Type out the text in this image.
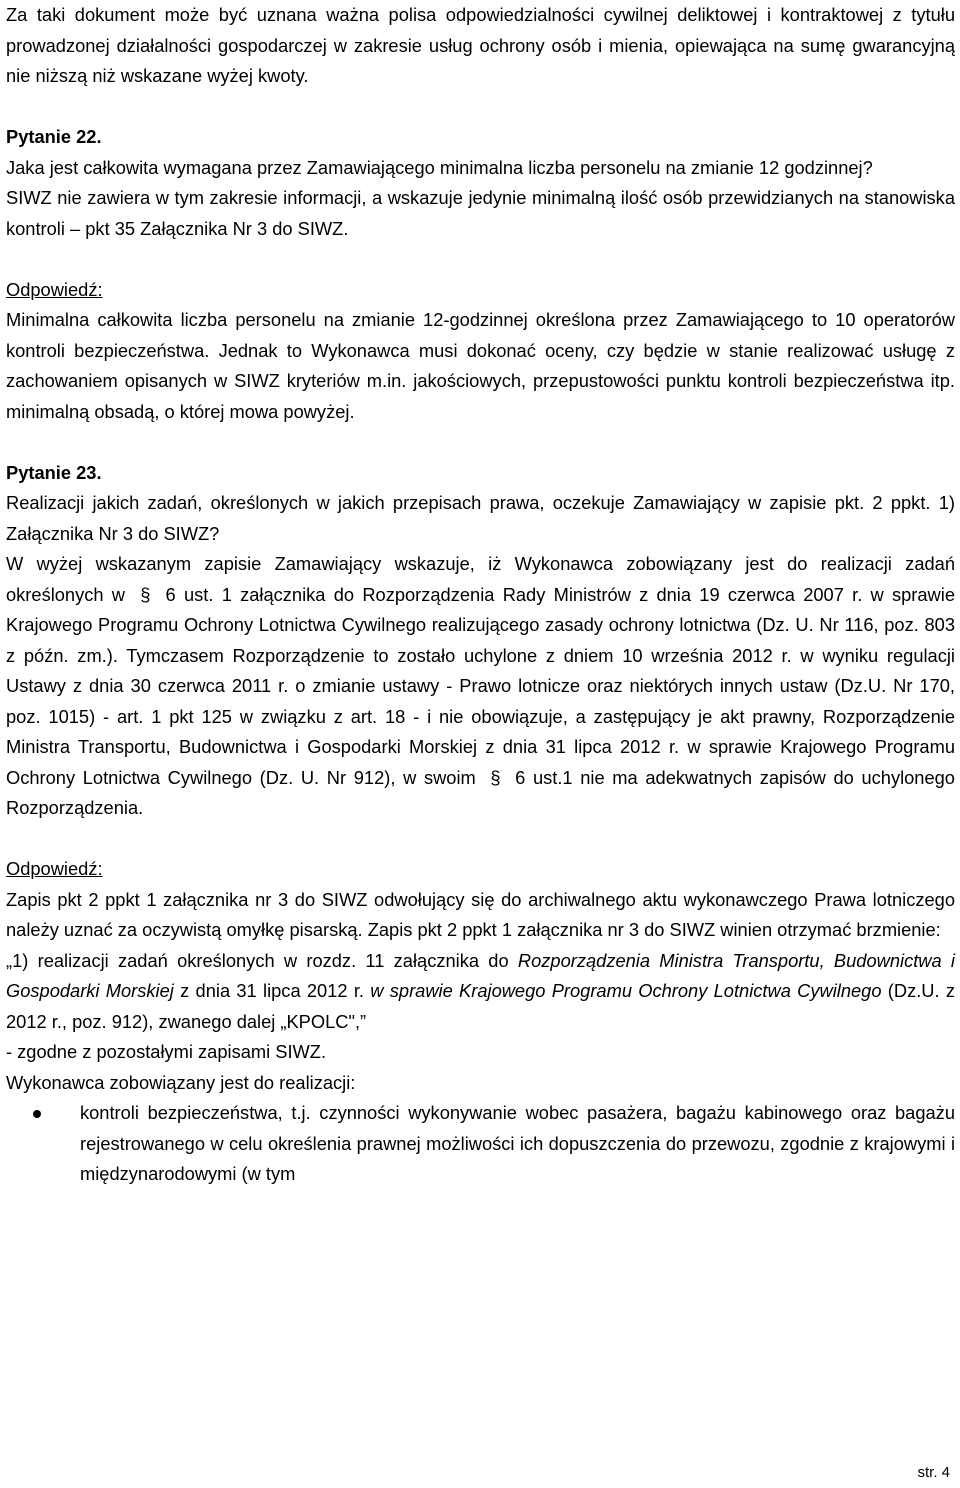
Za taki dokument może być uznana ważna polisa odpowiedzialności cywilnej deliktowej i kontraktowej z tytułu prowadzonej działalności gospodarczej w zakresie usług ochrony osób i mienia, opiewająca na sumę gwarancyjną nie niższą niż wskazane wyżej kwoty.

Pytanie 22.

Jaka jest całkowita wymagana przez Zamawiającego minimalna liczba personelu na zmianie 12 godzinnej?

SIWZ nie zawiera w tym zakresie informacji, a wskazuje jedynie minimalną ilość osób przewidzianych na stanowiska kontroli – pkt 35 Załącznika Nr 3 do SIWZ.

Odpowiedź:

Minimalna całkowita liczba personelu na zmianie 12-godzinnej określona przez Zamawiającego to 10 operatorów kontroli bezpieczeństwa. Jednak to Wykonawca musi dokonać oceny, czy będzie w stanie realizować usługę z zachowaniem opisanych w SIWZ kryteriów m.in. jakościowych, przepustowości punktu kontroli bezpieczeństwa itp. minimalną obsadą, o której mowa powyżej.

Pytanie 23.

Realizacji jakich zadań, określonych w jakich przepisach prawa, oczekuje Zamawiający w zapisie pkt. 2 ppkt. 1) Załącznika Nr 3 do SIWZ?

W wyżej wskazanym zapisie Zamawiający wskazuje, iż Wykonawca zobowiązany jest do realizacji zadań określonych w § 6 ust. 1 załącznika do Rozporządzenia Rady Ministrów z dnia 19 czerwca 2007 r. w sprawie Krajowego Programu Ochrony Lotnictwa Cywilnego realizującego zasady ochrony lotnictwa (Dz. U. Nr 116, poz. 803 z późn. zm.). Tymczasem Rozporządzenie to zostało uchylone z dniem 10 września 2012 r. w wyniku regulacji Ustawy z dnia 30 czerwca 2011 r. o zmianie ustawy - Prawo lotnicze oraz niektórych innych ustaw (Dz.U. Nr 170, poz. 1015) - art. 1 pkt 125 w związku z art. 18 - i nie obowiązuje, a zastępujący je akt prawny, Rozporządzenie Ministra Transportu, Budownictwa i Gospodarki Morskiej z dnia 31 lipca 2012 r. w sprawie Krajowego Programu Ochrony Lotnictwa Cywilnego (Dz. U. Nr 912), w swoim § 6 ust.1 nie ma adekwatnych zapisów do uchylonego Rozporządzenia.

Odpowiedź:

Zapis pkt 2 ppkt 1 załącznika nr 3 do SIWZ odwołujący się do archiwalnego aktu wykonawczego Prawa lotniczego należy uznać za oczywistą omyłkę pisarską. Zapis pkt 2 ppkt 1 załącznika nr 3 do SIWZ winien otrzymać brzmienie:

„1) realizacji zadań określonych w rozdz. 11 załącznika do Rozporządzenia Ministra Transportu, Budownictwa i Gospodarki Morskiej z dnia 31 lipca 2012 r. w sprawie Krajowego Programu Ochrony Lotnictwa Cywilnego (Dz.U. z 2012 r., poz. 912), zwanego dalej „KPOLC",”

- zgodne z pozostałymi zapisami SIWZ.

Wykonawca zobowiązany jest do realizacji:

kontroli bezpieczeństwa, t.j. czynności wykonywanie wobec pasażera, bagażu kabinowego oraz bagażu rejestrowanego w celu określenia prawnej możliwości ich dopuszczenia do przewozu, zgodnie z krajowymi i międzynarodowymi (w tym

str. 4
